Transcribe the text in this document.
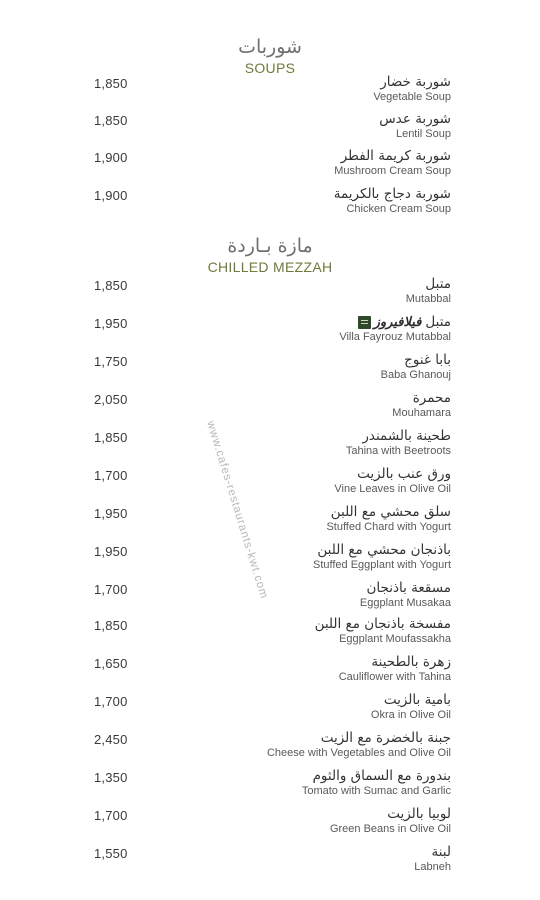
شوربات
SOUPS
1,850	شوربة خضار
Vegetable Soup
1,850	شوربة عدس
Lentil Soup
1,900	شوربة كريمة الفطر
Mushroom Cream Soup
1,900	شوربة دجاج بالكريمة
Chicken Cream Soup
مازة بـاردة
CHILLED MEZZAH
1,850	متبل
Mutabbal
1,950	متبل
فيلافيروز
Villa Fayrouz Mutabbal
1,750	بابا غنوج
Baba Ghanouj
2,050	محمرة
Mouhamara
1,850	طحينة بالشمندر
Tahina with Beetroots
1,700	ورق عنب بالزيت
Vine Leaves in Olive Oil
1,950	سلق محشي مع اللبن
Stuffed Chard with Yogurt
1,950	باذنجان محشي مع اللبن
Stuffed Eggplant with Yogurt
1,700	مسقعة باذنجان
Eggplant Musakaa
1,850	مفسخة باذنجان مع اللبن
Eggplant Moufassakha
1,650	زهرة بالطحينة
Cauliflower with Tahina
1,700	بامية بالزيت
Okra in Olive Oil
2,450	جبنة بالخضرة مع الزيت
Cheese with Vegetables and Olive Oil
1,350	بندورة مع السماق والثوم
Tomato with Sumac and Garlic
1,700	لوبيا بالزيت
Green Beans in Olive Oil
1,550	لبنة
Labneh
www.cafes-restaurants-kwt.com
